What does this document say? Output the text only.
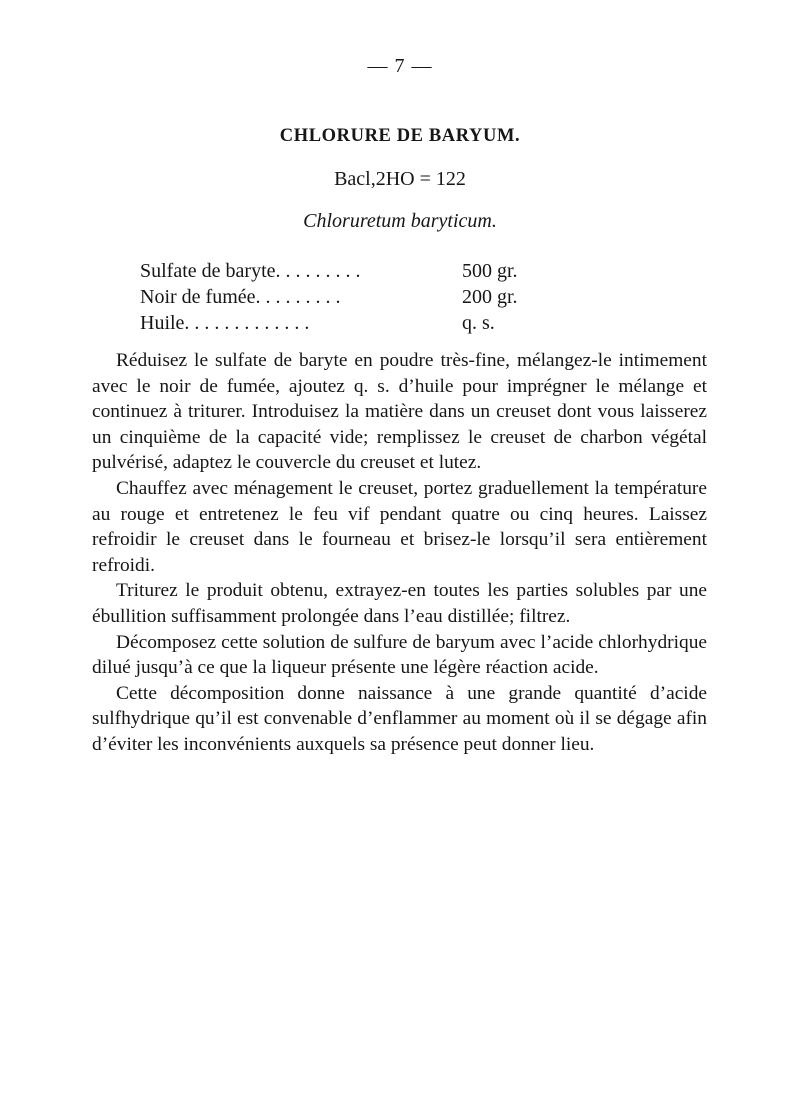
— 7 —
CHLORURE DE BARYUM.
Bacl,2HO = 122
Chloruretum baryticum.
Sulfate de baryte. . . . . . . . .	500 gr.
Noir de fumée. . . . . . . . .	200 gr.
Huile. . . . . . . . . . . . .	q. s.

Réduisez le sulfate de baryte en poudre très-fine, mélangez-le intimement avec le noir de fumée, ajoutez q. s. d’huile pour imprégner le mélange et continuez à triturer. Introduisez la matière dans un creuset dont vous laisserez un cinquième de la capacité vide; remplissez le creuset de charbon végétal pulvérisé, adaptez le couvercle du creuset et lutez.

Chauffez avec ménagement le creuset, portez graduellement la température au rouge et entretenez le feu vif pendant quatre ou cinq heures. Laissez refroidir le creuset dans le fourneau et brisez-le lorsqu’il sera entièrement refroidi.

Triturez le produit obtenu, extrayez-en toutes les parties solubles par une ébullition suffisamment prolongée dans l’eau distillée; filtrez.

Décomposez cette solution de sulfure de baryum avec l’acide chlorhydrique dilué jusqu’à ce que la liqueur présente une légère réaction acide.

Cette décomposition donne naissance à une grande quantité d’acide sulfhydrique qu’il est convenable d’enflammer au moment où il se dégage afin d’éviter les inconvénients auxquels sa présence peut donner lieu.
